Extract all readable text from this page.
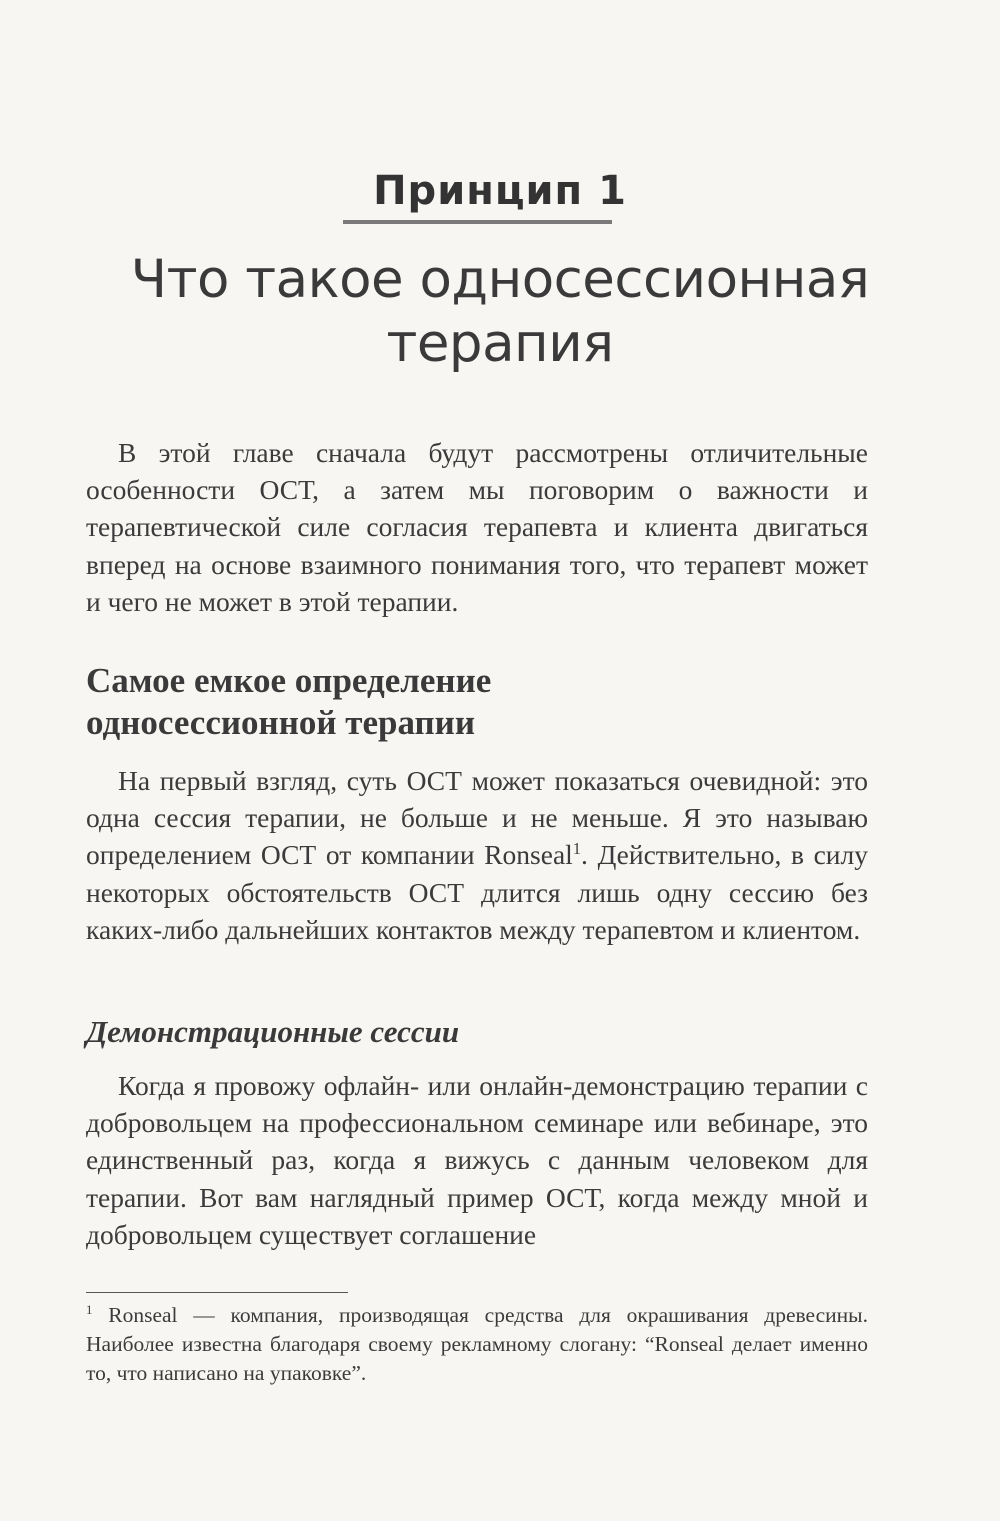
Принцип 1
Что такое односессионная
терапия

В этой главе сначала будут рассмотрены отличительные особенности ОСТ, а затем мы поговорим о важности и терапевтической силе согласия терапевта и клиента двигаться вперед на основе взаимного понимания того, что терапевт может и чего не может в этой терапии.

Самое емкое определение
односессионной терапии

На первый взгляд, суть ОСТ может показаться очевидной: это одна сессия терапии, не больше и не меньше. Я это называю определением ОСТ от компании Ronseal$^1$. Действительно, в силу некоторых обстоятельств ОСТ длится лишь одну сессию без каких-либо дальнейших контактов между терапевтом и клиентом.

Демонстрационные сессии

Когда я провожу офлайн- или онлайн-демонстрацию терапии с добровольцем на профессиональном семинаре или вебинаре, это единственный раз, когда я вижусь с данным человеком для терапии. Вот вам наглядный пример ОСТ, когда между мной и добровольцем существует соглашение

$^1$ Ronseal — компания, производящая средства для окрашивания древесины. Наиболее известна благодаря своему рекламному слогану: “Ronseal делает именно то, что написано на упаковке”.
